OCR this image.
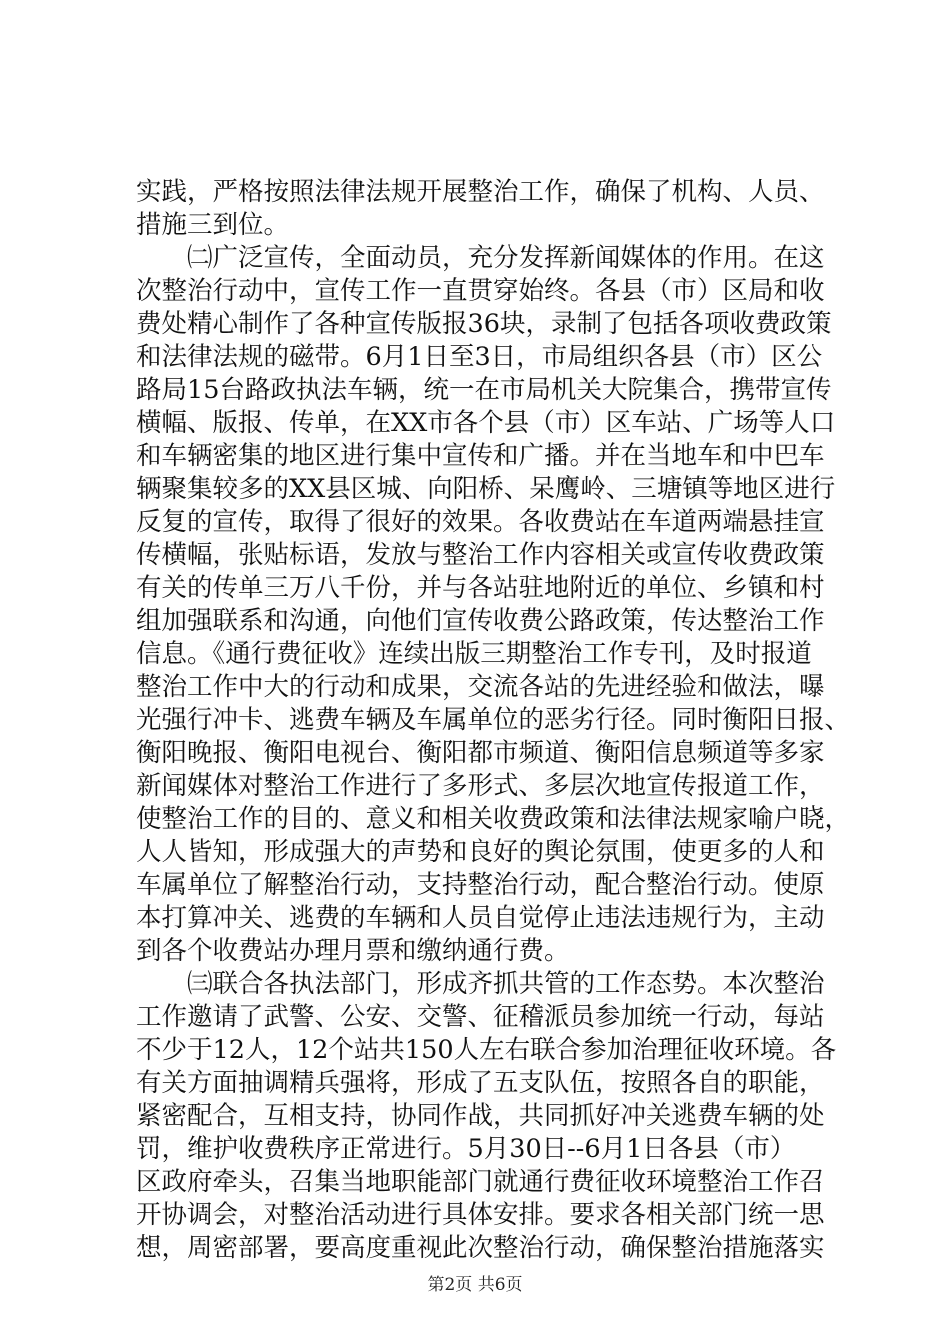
实践，严格按照法律法规开展整治工作，确保了机构、人员、
措施三到位。
　　㈡广泛宣传，全面动员，充分发挥新闻媒体的作用。在这
次整治行动中，宣传工作一直贯穿始终。各县（市）区局和收
费处精心制作了各种宣传版报36块，录制了包括各项收费政策
和法律法规的磁带。6月1日至3日，市局组织各县（市）区公
路局15台路政执法车辆，统一在市局机关大院集合，携带宣传
横幅、版报、传单，在XX市各个县（市）区车站、广场等人口
和车辆密集的地区进行集中宣传和广播。并在当地车和中巴车
辆聚集较多的XX县区城、向阳桥、呆鹰岭、三塘镇等地区进行
反复的宣传，取得了很好的效果。各收费站在车道两端悬挂宣
传横幅，张贴标语，发放与整治工作内容相关或宣传收费政策
有关的传单三万八千份，并与各站驻地附近的单位、乡镇和村
组加强联系和沟通，向他们宣传收费公路政策，传达整治工作
信息。《通行费征收》连续出版三期整治工作专刊，及时报道
整治工作中大的行动和成果，交流各站的先进经验和做法，曝
光强行冲卡、逃费车辆及车属单位的恶劣行径。同时衡阳日报、
衡阳晚报、衡阳电视台、衡阳都市频道、衡阳信息频道等多家
新闻媒体对整治工作进行了多形式、多层次地宣传报道工作，
使整治工作的目的、意义和相关收费政策和法律法规家喻户晓，
人人皆知，形成强大的声势和良好的舆论氛围，使更多的人和
车属单位了解整治行动，支持整治行动，配合整治行动。使原
本打算冲关、逃费的车辆和人员自觉停止违法违规行为，主动
到各个收费站办理月票和缴纳通行费。
　　㈢联合各执法部门，形成齐抓共管的工作态势。本次整治
工作邀请了武警、公安、交警、征稽派员参加统一行动，每站
不少于12人，12个站共150人左右联合参加治理征收环境。各
有关方面抽调精兵强将，形成了五支队伍，按照各自的职能，
紧密配合，互相支持，协同作战，共同抓好冲关逃费车辆的处
罚，维护收费秩序正常进行。5月30日--6月1日各县（市）
区政府牵头，召集当地职能部门就通行费征收环境整治工作召
开协调会，对整治活动进行具体安排。要求各相关部门统一思
想，周密部署，要高度重视此次整治行动，确保整治措施落实
第2页 共6页
